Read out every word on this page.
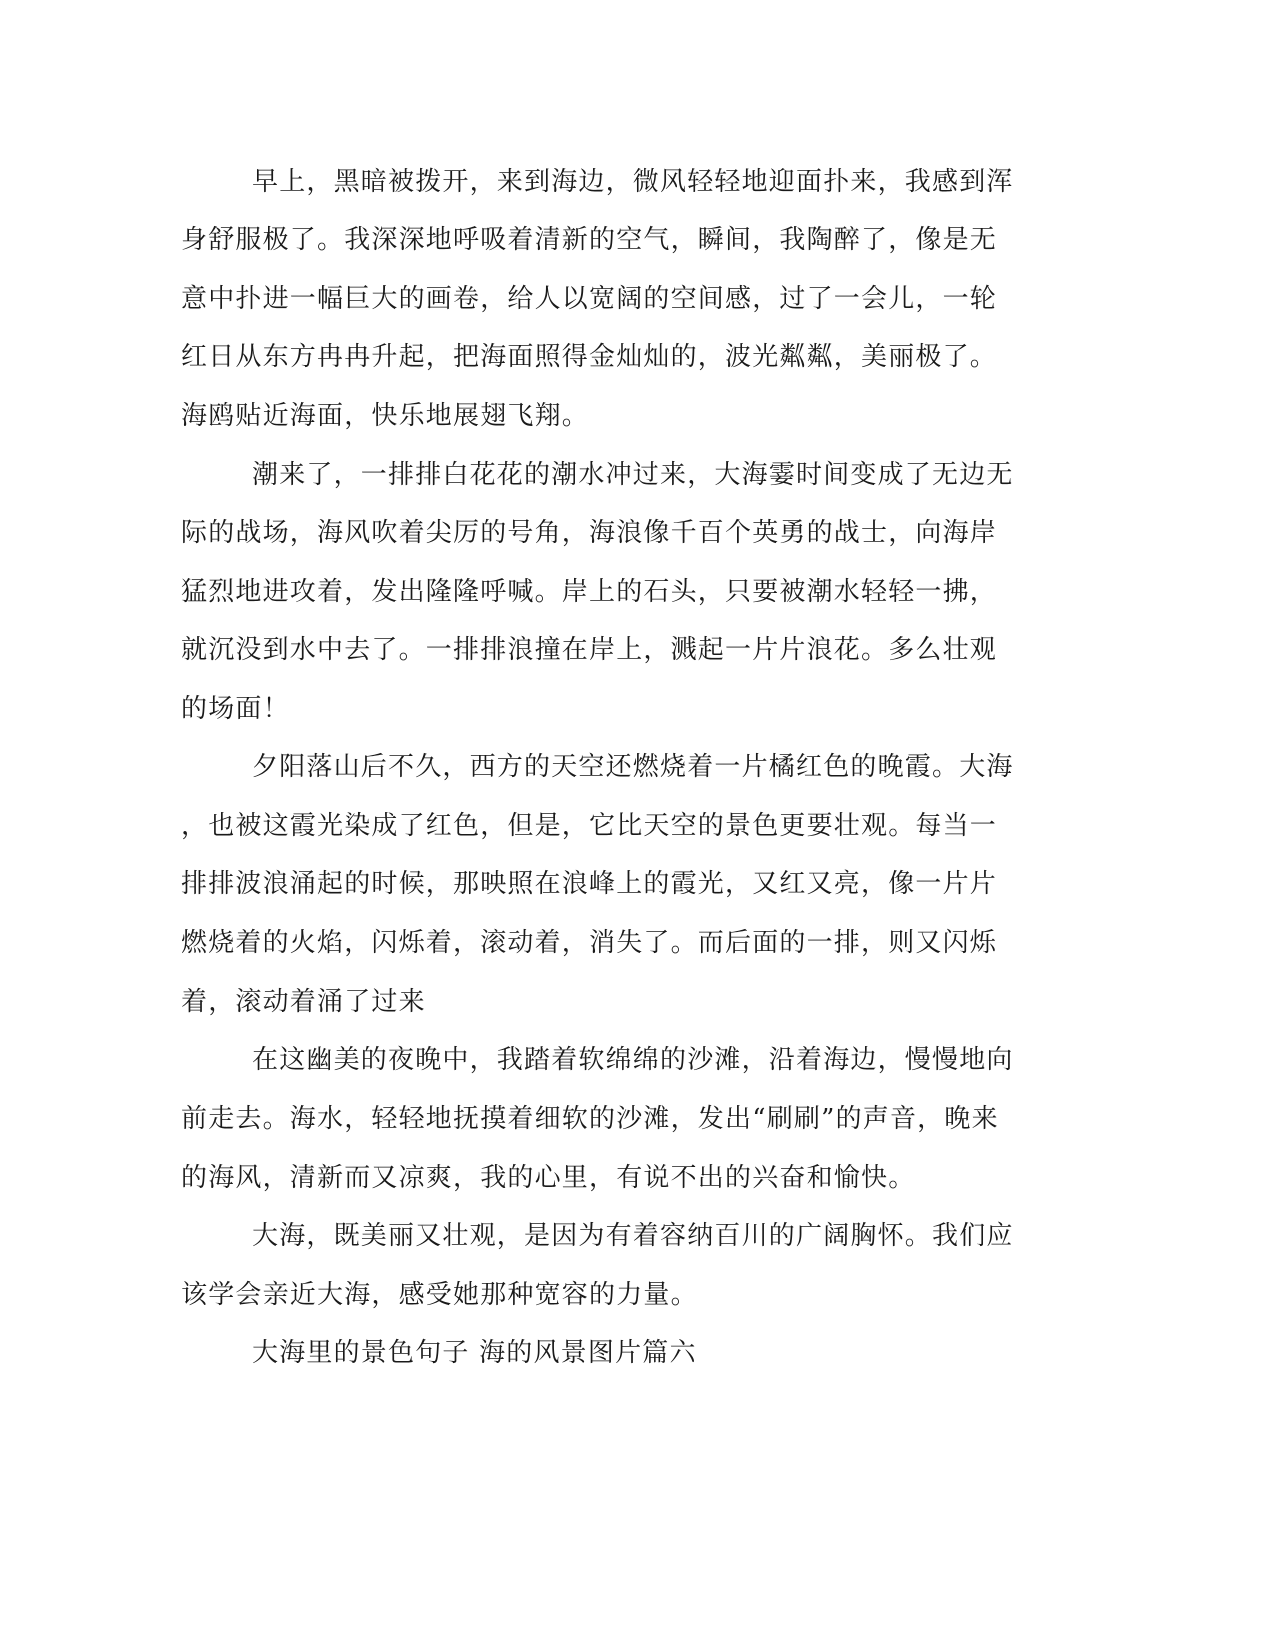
早上，黑暗被拨开，来到海边，微风轻轻地迎面扑来，我感到浑

身舒服极了。我深深地呼吸着清新的空气，瞬间，我陶醉了，像是无

意中扑进一幅巨大的画卷，给人以宽阔的空间感，过了一会儿，一轮

红日从东方冉冉升起，把海面照得金灿灿的，波光粼粼，美丽极了。

海鸥贴近海面，快乐地展翅飞翔。

潮来了，一排排白花花的潮水冲过来，大海霎时间变成了无边无

际的战场，海风吹着尖厉的号角，海浪像千百个英勇的战士，向海岸

猛烈地进攻着，发出隆隆呼喊。岸上的石头，只要被潮水轻轻一拂，

就沉没到水中去了。一排排浪撞在岸上，溅起一片片浪花。多么壮观

的场面！

夕阳落山后不久，西方的天空还燃烧着一片橘红色的晚霞。大海

，也被这霞光染成了红色，但是，它比天空的景色更要壮观。每当一

排排波浪涌起的时候，那映照在浪峰上的霞光，又红又亮，像一片片

燃烧着的火焰，闪烁着，滚动着，消失了。而后面的一排，则又闪烁

着，滚动着涌了过来

在这幽美的夜晚中，我踏着软绵绵的沙滩，沿着海边，慢慢地向

前走去。海水，轻轻地抚摸着细软的沙滩，发出“刷刷”的声音，晚来

的海风，清新而又凉爽，我的心里，有说不出的兴奋和愉快。

大海，既美丽又壮观，是因为有着容纳百川的广阔胸怀。我们应

该学会亲近大海，感受她那种宽容的力量。

大海里的景色句子 海的风景图片篇六
